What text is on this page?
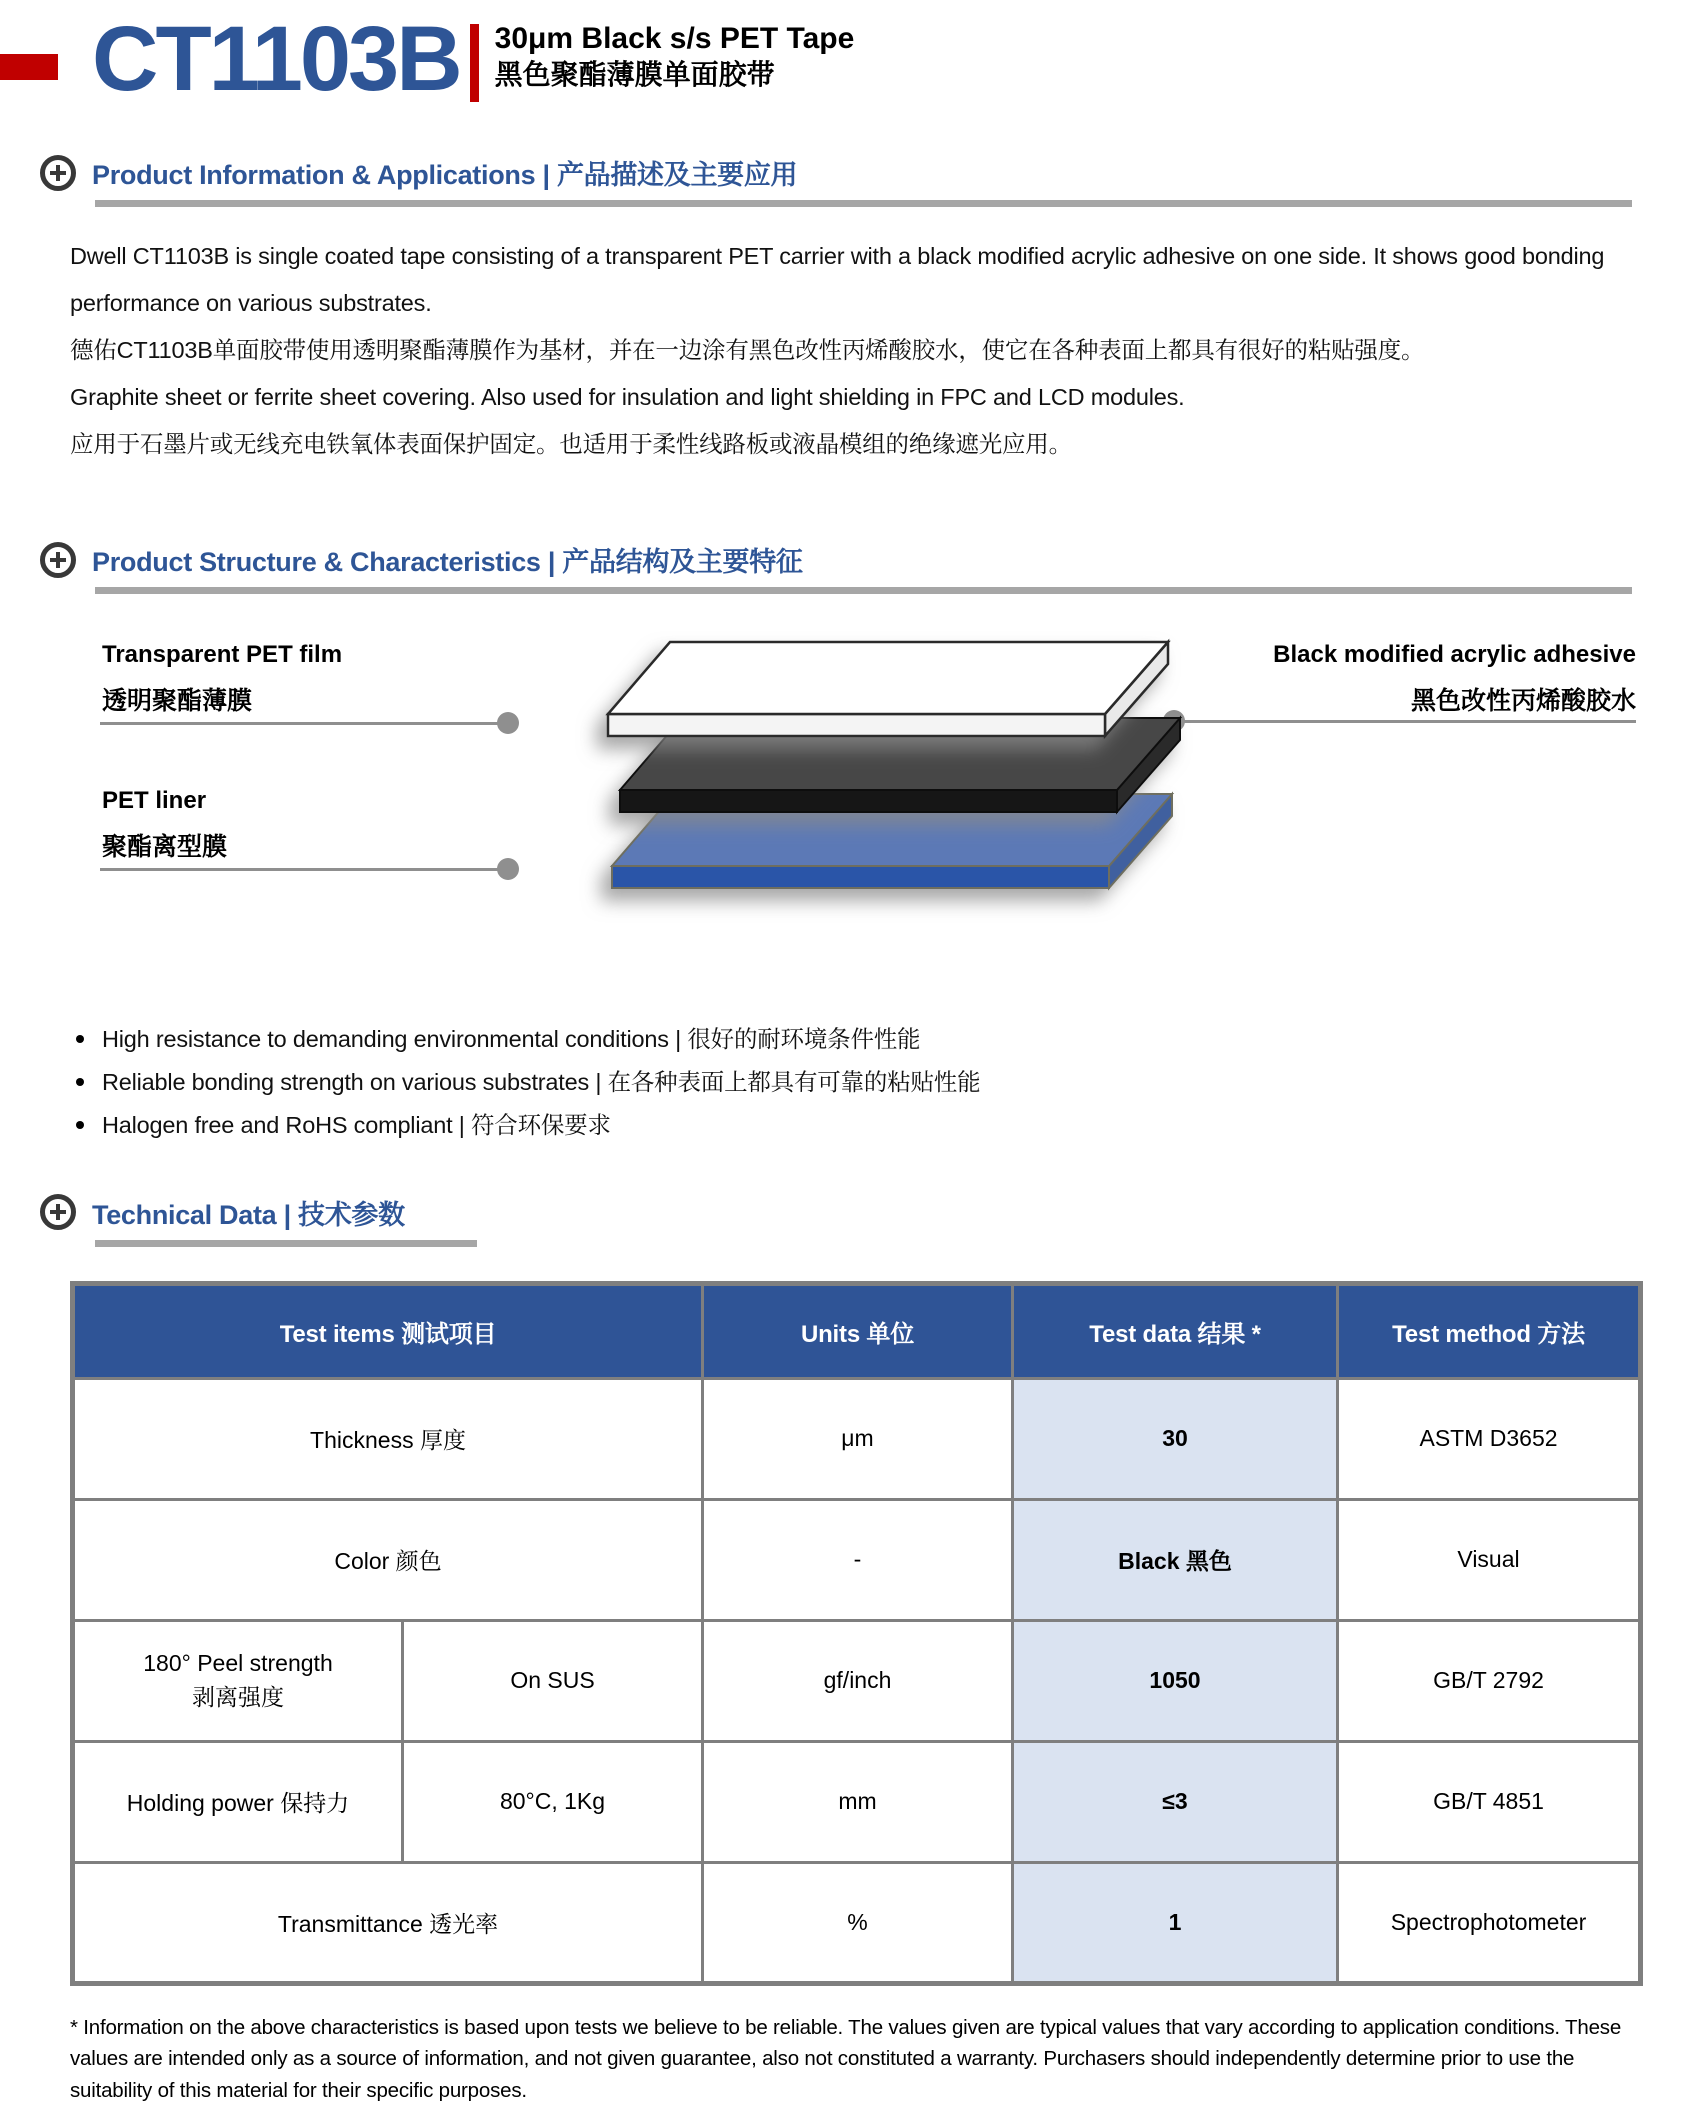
CT1103B 30μm Black s/s PET Tape
黑色聚酯薄膜单面胶带
Product Information & Applications | 产品描述及主要应用

Dwell CT1103B is single coated tape consisting of a transparent PET carrier with a black modified acrylic adhesive on one side. It shows good bonding performance on various substrates.

德佑CT1103B单面胶带使用透明聚酯薄膜作为基材，并在一边涂有黑色改性丙烯酸胶水，使它在各种表面上都具有很好的粘贴强度。

Graphite sheet or ferrite sheet covering. Also used for insulation and light shielding in FPC and LCD modules.

应用于石墨片或无线充电铁氧体表面保护固定。也适用于柔性线路板或液晶模组的绝缘遮光应用。

Product Structure & Characteristics | 产品结构及主要特征
Transparent PET film
透明聚酯薄膜
PET liner
聚酯离型膜
Black modified acrylic adhesive
黑色改性丙烯酸胶水
High resistance to demanding environmental conditions | 很好的耐环境条件性能
Reliable bonding strength on various substrates | 在各种表面上都具有可靠的粘贴性能
Halogen free and RoHS compliant | 符合环保要求
Technical Data | 技术参数
Test items 测试项目		Units 单位	Test data 结果 *	Test method 方法
Thickness 厚度		μm	30	ASTM D3652
Color 颜色		-	Black 黑色	Visual

180° Peel strength
剥离强度	On SUS	gf/inch	1050	GB/T 2792
Holding power 保持力	80°C, 1Kg	mm	≤3	GB/T 4851
Transmittance 透光率		%	1	Spectrophotometer

* Information on the above characteristics is based upon tests we believe to be reliable. The values given are typical values that vary according to application conditions. These values are intended only as a source of information, and not given guarantee, also not constituted a warranty. Purchasers should independently determine prior to use the suitability of this material for their specific purposes.
